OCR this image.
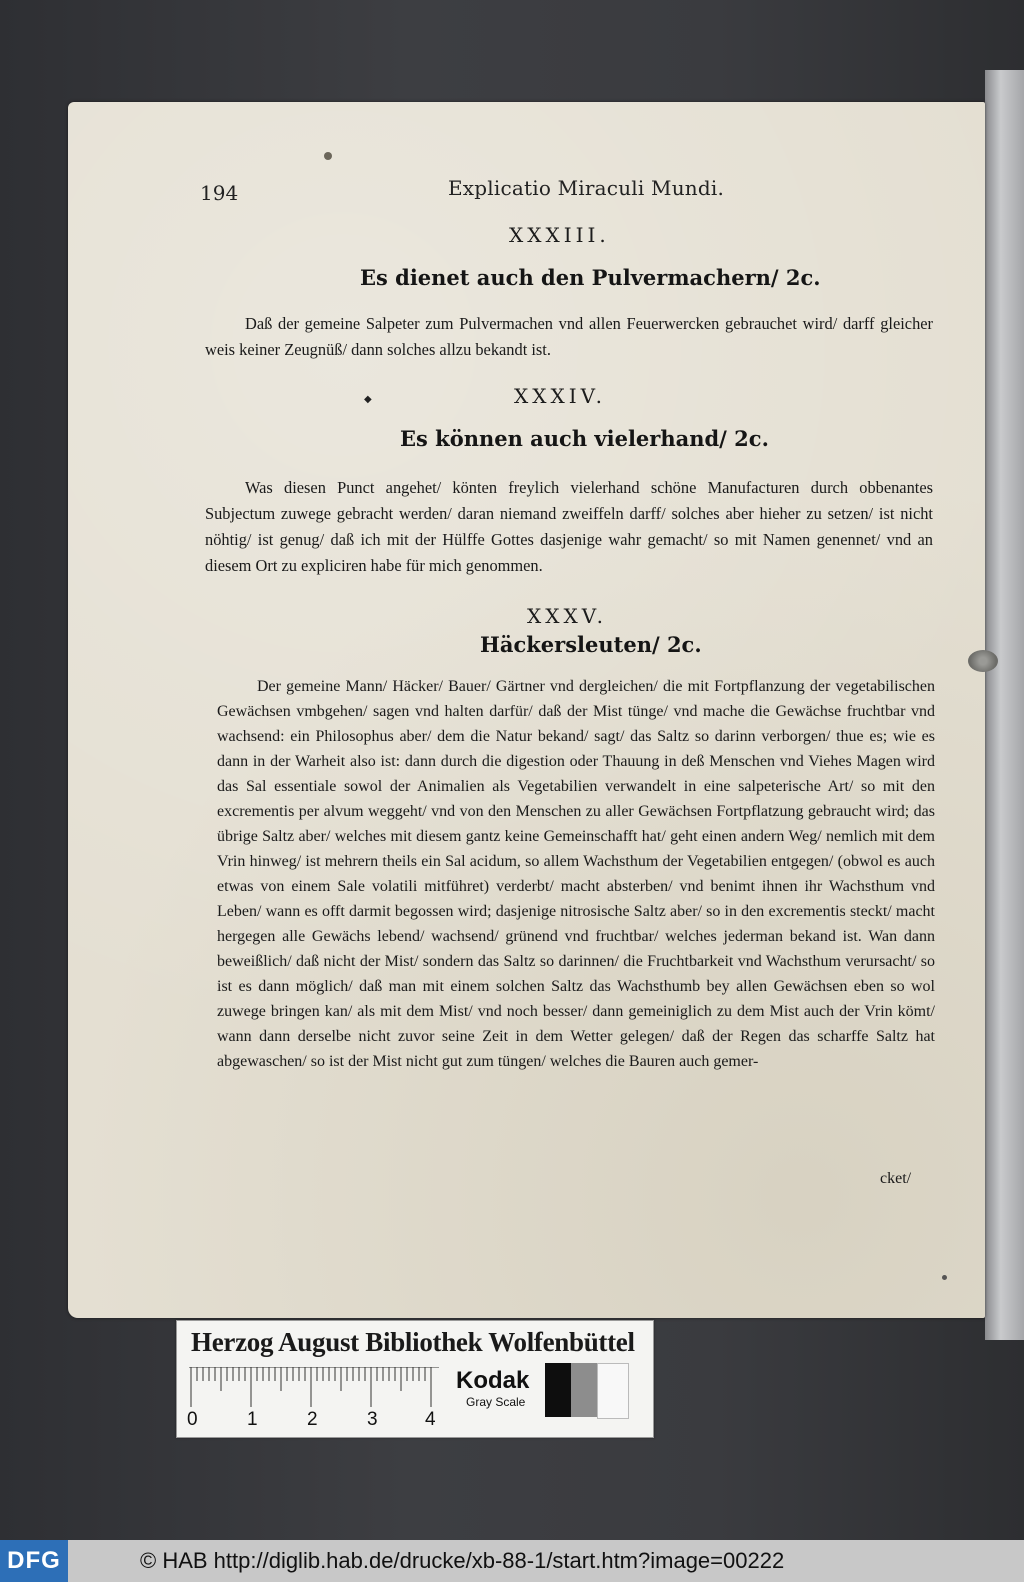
194	Explicatio Miraculi Mundi.
XXXIII.
Es dienet auch den Pulvermachern/ 2c.
Daß der gemeine Salpeter zum Pulvermachen vnd allen Feuerwercken gebrauchet wird/ darff gleicher weis keiner Zeugnüß/ dann solches allzu bekandt ist.
◆	XXXIV.
Es können auch vielerhand/ 2c.
Was diesen Punct angehet/ könten freylich vielerhand schöne Manufacturen durch obbenantes Subjectum zuwege gebracht werden/ daran niemand zweiffeln darff/ solches aber hieher zu setzen/ ist nicht nöhtig/ ist genug/ daß ich mit der Hülffe Gottes dasjenige wahr gemacht/ so mit Namen genennet/ vnd an diesem Ort zu expliciren habe für mich genommen.
XXXV.
Häckersleuten/ 2c.
Der gemeine Mann/ Häcker/ Bauer/ Gärtner vnd dergleichen/ die mit Fortpflanzung der vegetabilischen Gewächsen vmbgehen/ sagen vnd halten darfür/ daß der Mist tünge/ vnd mache die Gewächse fruchtbar vnd wachsend: ein Philosophus aber/ dem die Natur bekand/ sagt/ das Saltz so darinn verborgen/ thue es; wie es dann in der Warheit also ist: dann durch die digestion oder Thauung in deß Menschen vnd Viehes Magen wird das Sal essentiale sowol der Animalien als Vegetabilien verwandelt in eine salpeterische Art/ so mit den excrementis per alvum weggeht/ vnd von den Menschen zu aller Gewächsen Fortpflatzung gebraucht wird; das übrige Saltz aber/ welches mit diesem gantz keine Gemeinschafft hat/ geht einen andern Weg/ nemlich mit dem Vrin hinweg/ ist mehrern theils ein Sal acidum, so allem Wachsthum der Vegetabilien entgegen/ (obwol es auch etwas von einem Sale volatili mitführet) verderbt/ macht absterben/ vnd benimt ihnen ihr Wachsthum vnd Leben/ wann es offt darmit begossen wird; dasjenige nitrosische Saltz aber/ so in den excrementis steckt/ macht hergegen alle Gewächs lebend/ wachsend/ grünend vnd fruchtbar/ welches jederman bekand ist. Wan dann beweißlich/ daß nicht der Mist/ sondern das Saltz so darinnen/ die Fruchtbarkeit vnd Wachsthum verursacht/ so ist es dann möglich/ daß man mit einem solchen Saltz das Wachsthumb bey allen Gewächsen eben so wol zuwege bringen kan/ als mit dem Mist/ vnd noch besser/ dann gemeiniglich zu dem Mist auch der Vrin kömt/ wann dann derselbe nicht zuvor seine Zeit in dem Wetter gelegen/ daß der Regen das scharffe Saltz hat abgewaschen/ so ist der Mist nicht gut zum tüngen/ welches die Bauren auch gemer-
cket/
Herzog August Bibliothek Wolfenbüttel
0	1	2	3 4
Kodak
Gray Scale
DFG	© HAB http://diglib.hab.de/drucke/xb-88-1/start.htm?image=00222
